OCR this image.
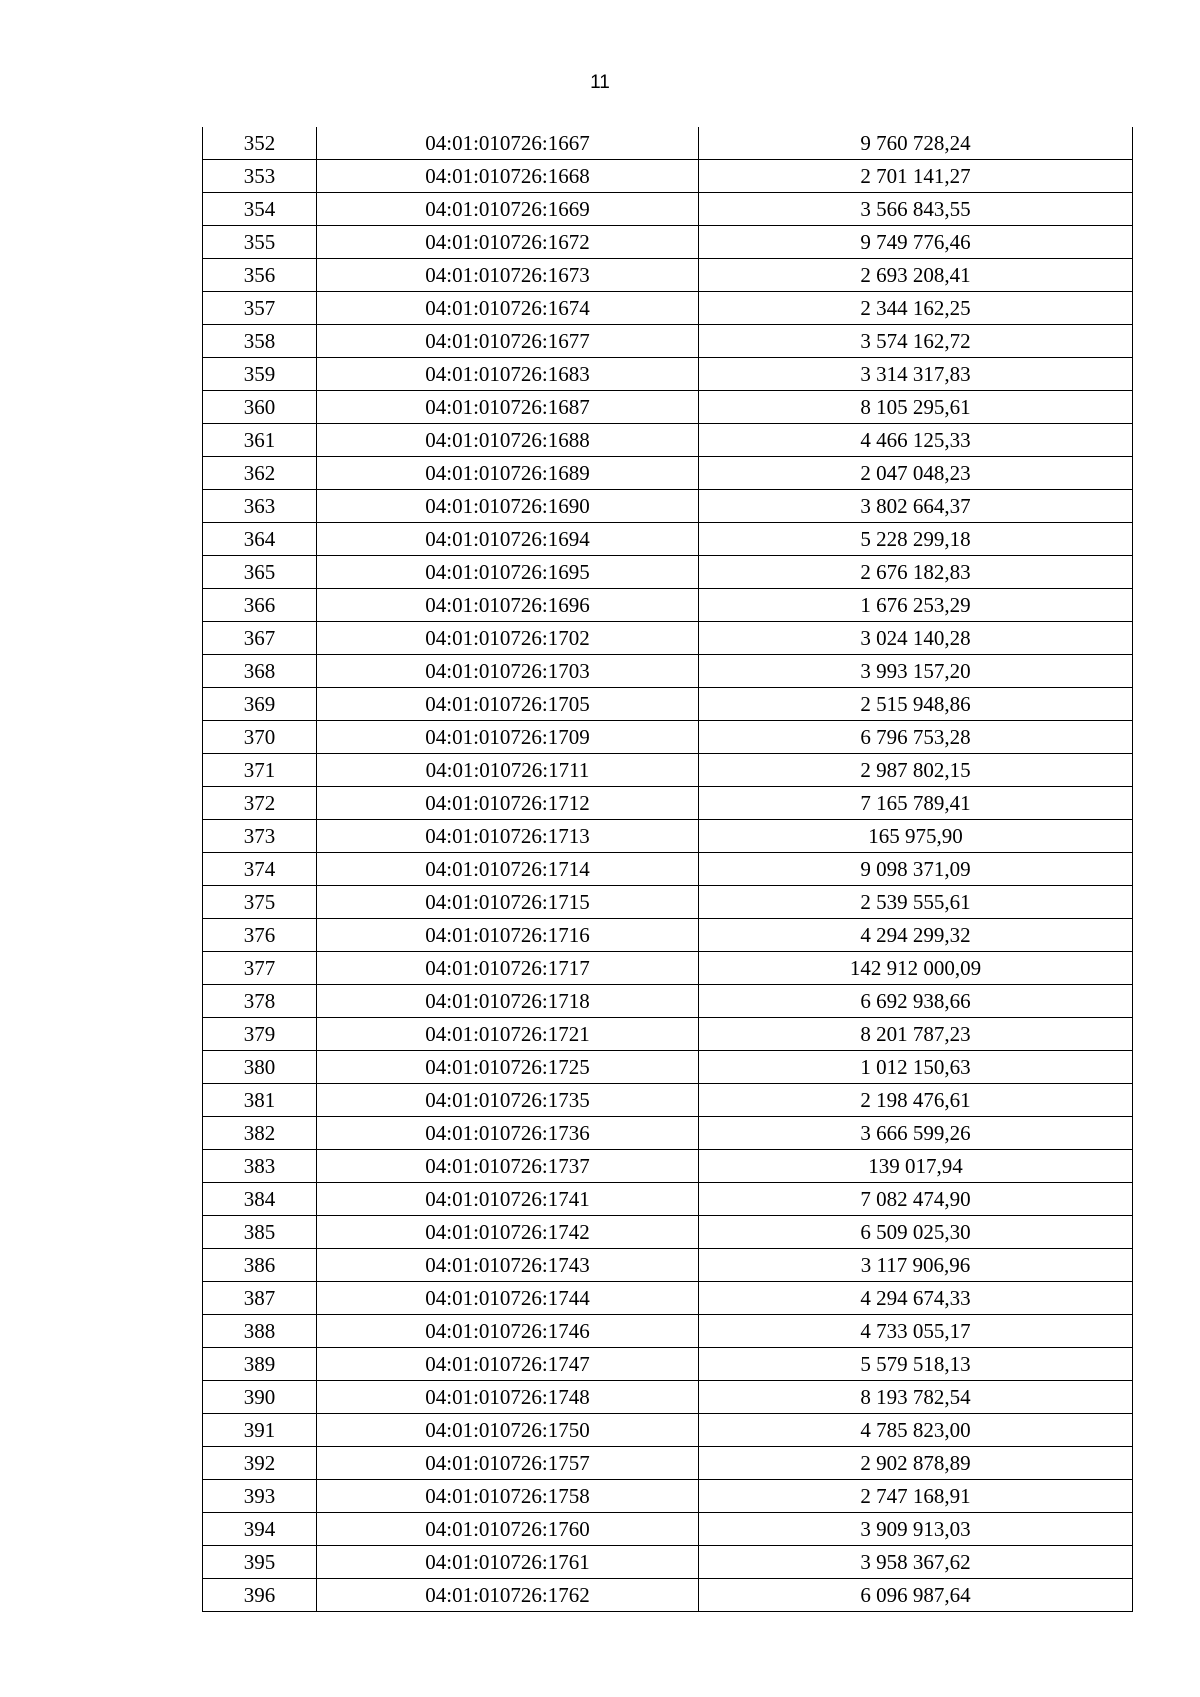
11
352	04:01:010726:1667	9 760 728,24
353	04:01:010726:1668	2 701 141,27
354	04:01:010726:1669	3 566 843,55
355	04:01:010726:1672	9 749 776,46
356	04:01:010726:1673	2 693 208,41
357	04:01:010726:1674	2 344 162,25
358	04:01:010726:1677	3 574 162,72
359	04:01:010726:1683	3 314 317,83
360	04:01:010726:1687	8 105 295,61
361	04:01:010726:1688	4 466 125,33
362	04:01:010726:1689	2 047 048,23
363	04:01:010726:1690	3 802 664,37
364	04:01:010726:1694	5 228 299,18
365	04:01:010726:1695	2 676 182,83
366	04:01:010726:1696	1 676 253,29
367	04:01:010726:1702	3 024 140,28
368	04:01:010726:1703	3 993 157,20
369	04:01:010726:1705	2 515 948,86
370	04:01:010726:1709	6 796 753,28
371	04:01:010726:1711	2 987 802,15
372	04:01:010726:1712	7 165 789,41
373	04:01:010726:1713	165 975,90
374	04:01:010726:1714	9 098 371,09
375	04:01:010726:1715	2 539 555,61
376	04:01:010726:1716	4 294 299,32
377	04:01:010726:1717	142 912 000,09
378	04:01:010726:1718	6 692 938,66
379	04:01:010726:1721	8 201 787,23
380	04:01:010726:1725	1 012 150,63
381	04:01:010726:1735	2 198 476,61
382	04:01:010726:1736	3 666 599,26
383	04:01:010726:1737	139 017,94
384	04:01:010726:1741	7 082 474,90
385	04:01:010726:1742	6 509 025,30
386	04:01:010726:1743	3 117 906,96
387	04:01:010726:1744	4 294 674,33
388	04:01:010726:1746	4 733 055,17
389	04:01:010726:1747	5 579 518,13
390	04:01:010726:1748	8 193 782,54
391	04:01:010726:1750	4 785 823,00
392	04:01:010726:1757	2 902 878,89
393	04:01:010726:1758	2 747 168,91
394	04:01:010726:1760	3 909 913,03
395	04:01:010726:1761	3 958 367,62
396	04:01:010726:1762	6 096 987,64
